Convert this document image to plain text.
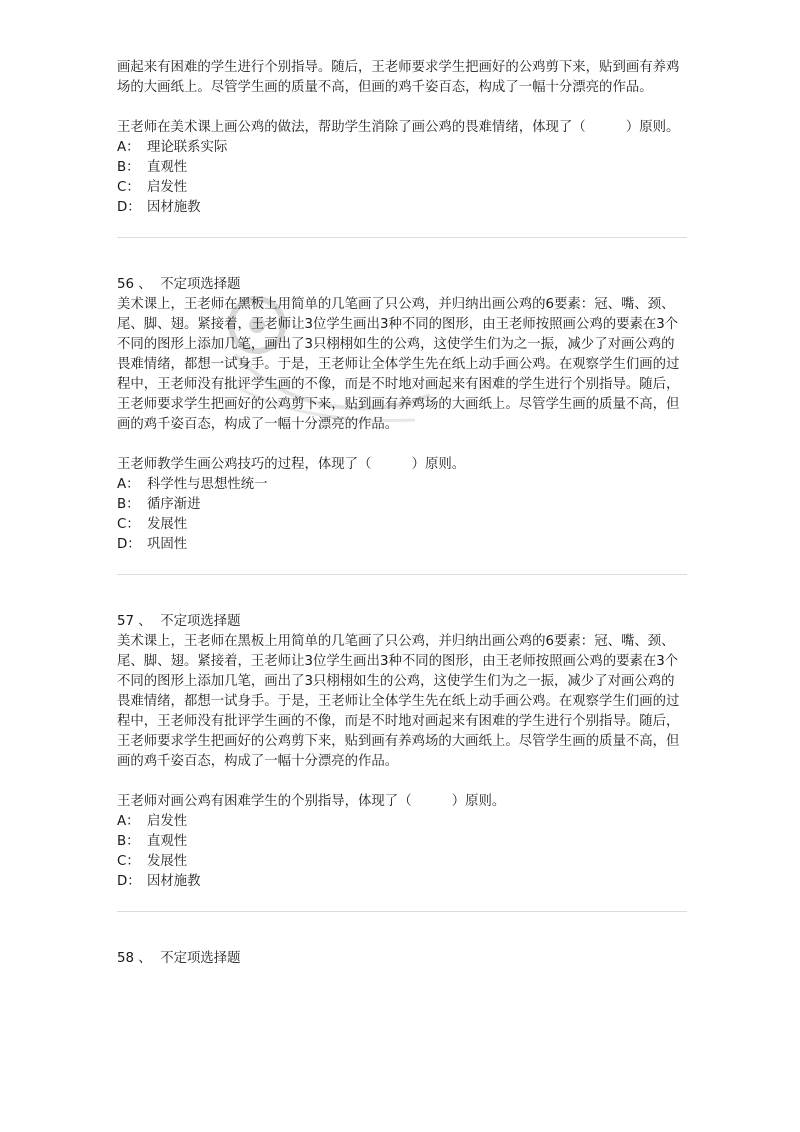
画起来有困难的学生进行个别指导。随后，王老师要求学生把画好的公鸡剪下来，贴到画有养鸡场的大画纸上。尽管学生画的质量不高，但画的鸡千姿百态，构成了一幅十分漂亮的作品。

王老师在美术课上画公鸡的做法，帮助学生消除了画公鸡的畏难情绪，体现了（　　　）原则。

A： 理论联系实际
B： 直观性
C： 启发性
D： 因材施教

56 、 不定项选择题

美术课上，王老师在黑板上用简单的几笔画了只公鸡，并归纳出画公鸡的6要素：冠、嘴、颈、尾、脚、翅。紧接着，王老师让3位学生画出3种不同的图形，由王老师按照画公鸡的要素在3个不同的图形上添加几笔，画出了3只栩栩如生的公鸡，这使学生们为之一振，减少了对画公鸡的畏难情绪，都想一试身手。于是，王老师让全体学生先在纸上动手画公鸡。在观察学生们画的过程中，王老师没有批评学生画的不像，而是不时地对画起来有困难的学生进行个别指导。随后，王老师要求学生把画好的公鸡剪下来，贴到画有养鸡场的大画纸上。尽管学生画的质量不高，但画的鸡千姿百态，构成了一幅十分漂亮的作品。

王老师教学生画公鸡技巧的过程，体现了（　　　）原则。

A： 科学性与思想性统一
B： 循序渐进
C： 发展性
D： 巩固性

57 、 不定项选择题

美术课上，王老师在黑板上用简单的几笔画了只公鸡，并归纳出画公鸡的6要素：冠、嘴、颈、尾、脚、翅。紧接着，王老师让3位学生画出3种不同的图形，由王老师按照画公鸡的要素在3个不同的图形上添加几笔，画出了3只栩栩如生的公鸡，这使学生们为之一振，减少了对画公鸡的畏难情绪，都想一试身手。于是，王老师让全体学生先在纸上动手画公鸡。在观察学生们画的过程中，王老师没有批评学生画的不像，而是不时地对画起来有困难的学生进行个别指导。随后，王老师要求学生把画好的公鸡剪下来，贴到画有养鸡场的大画纸上。尽管学生画的质量不高，但画的鸡千姿百态，构成了一幅十分漂亮的作品。

王老师对画公鸡有困难学生的个别指导，体现了（　　　）原则。

A： 启发性
B： 直观性
C： 发展性
D： 因材施教

58 、 不定项选择题
